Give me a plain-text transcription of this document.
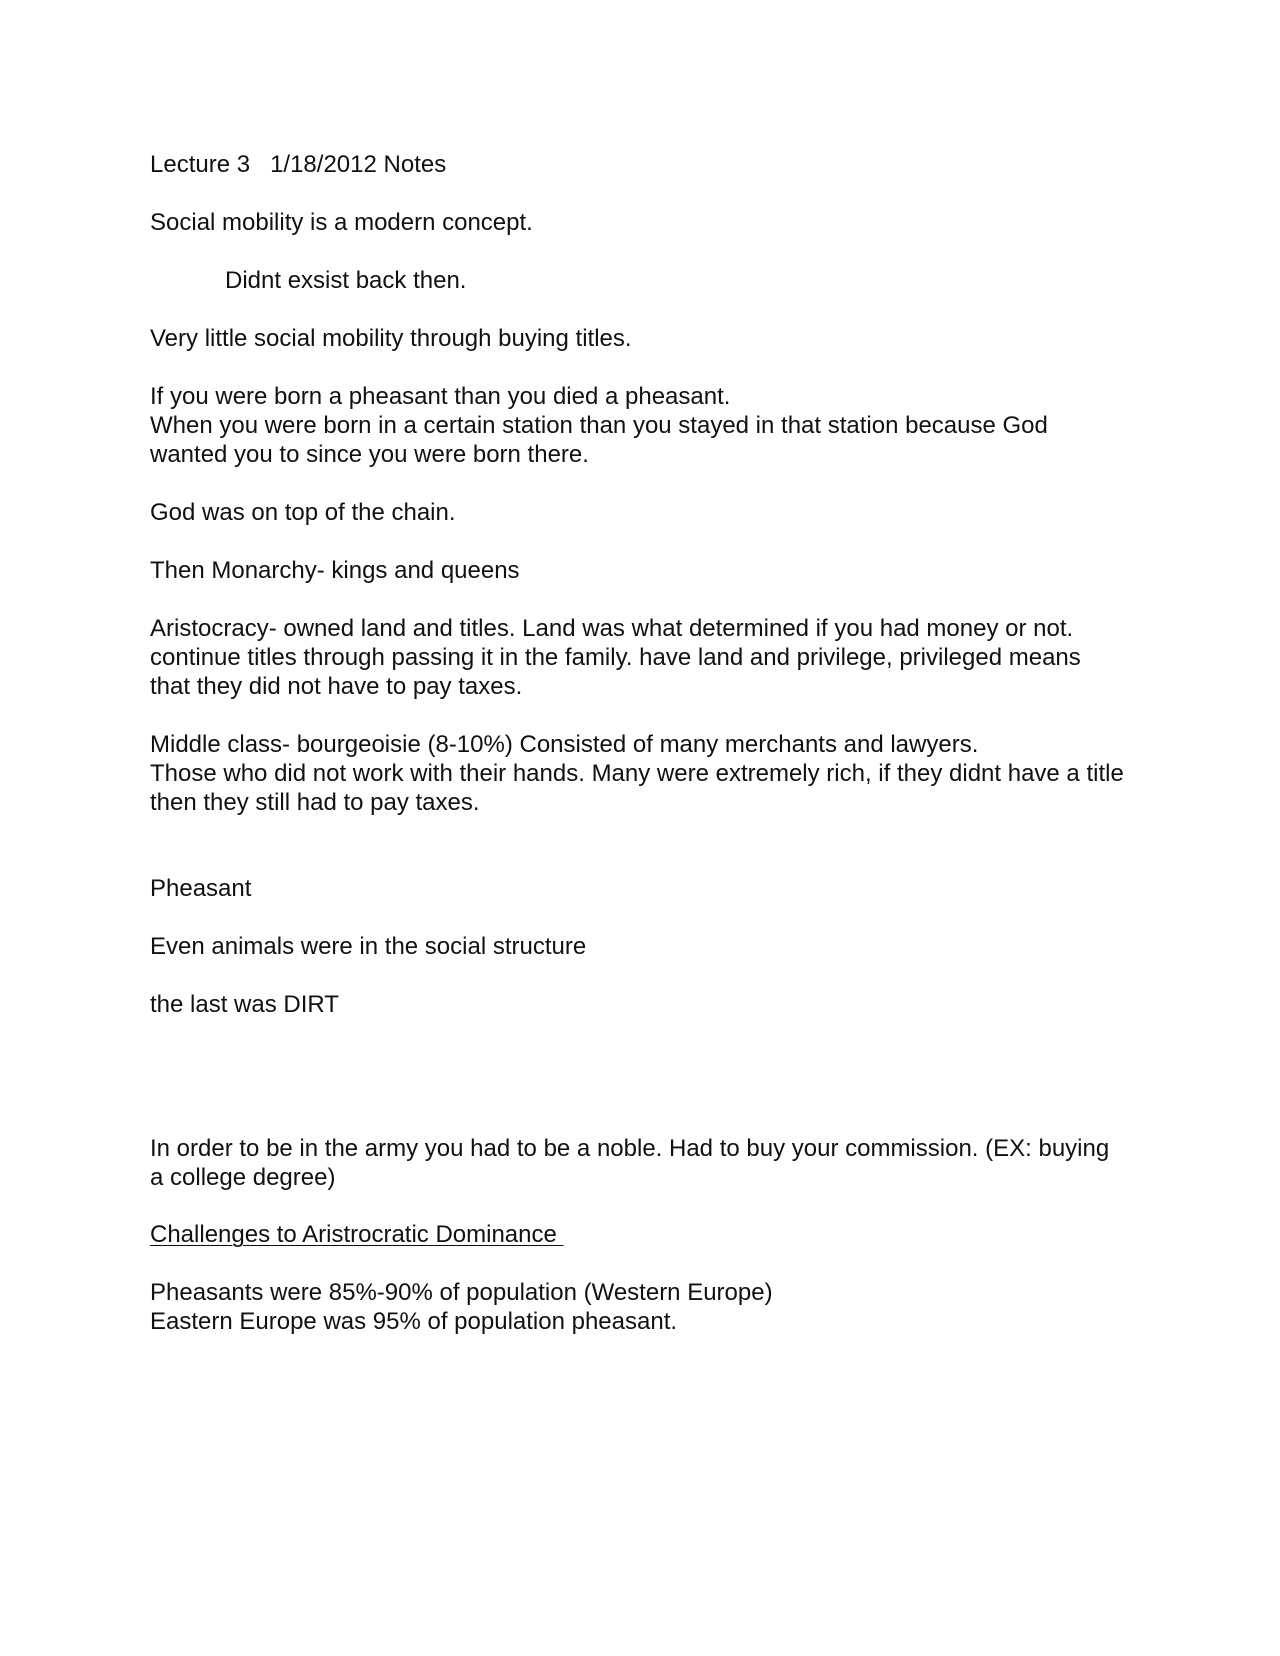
Lecture 3   1/18/2012 Notes

Social mobility is a modern concept.

Didnt exsist back then.

Very little social mobility through buying titles.

If you were born a pheasant than you died a pheasant.

When you were born in a certain station than you stayed in that station because God wanted you to since you were born there.

God was on top of the chain.

Then Monarchy- kings and queens

Aristocracy- owned land and titles. Land was what determined if you had money or not. continue titles through passing it in the family. have land and privilege, privileged means that they did not have to pay taxes.

Middle class- bourgeoisie (8-10%) Consisted of many merchants and lawyers.

Those who did not work with their hands. Many were extremely rich, if they didnt have a title then they still had to pay taxes.

Pheasant

Even animals were in the social structure

the last was DIRT

In order to be in the army you had to be a noble. Had to buy your commission. (EX: buying a college degree)

Challenges to Aristrocratic Dominance

Pheasants were 85%-90% of population (Western Europe)

Eastern Europe was 95% of population pheasant.
